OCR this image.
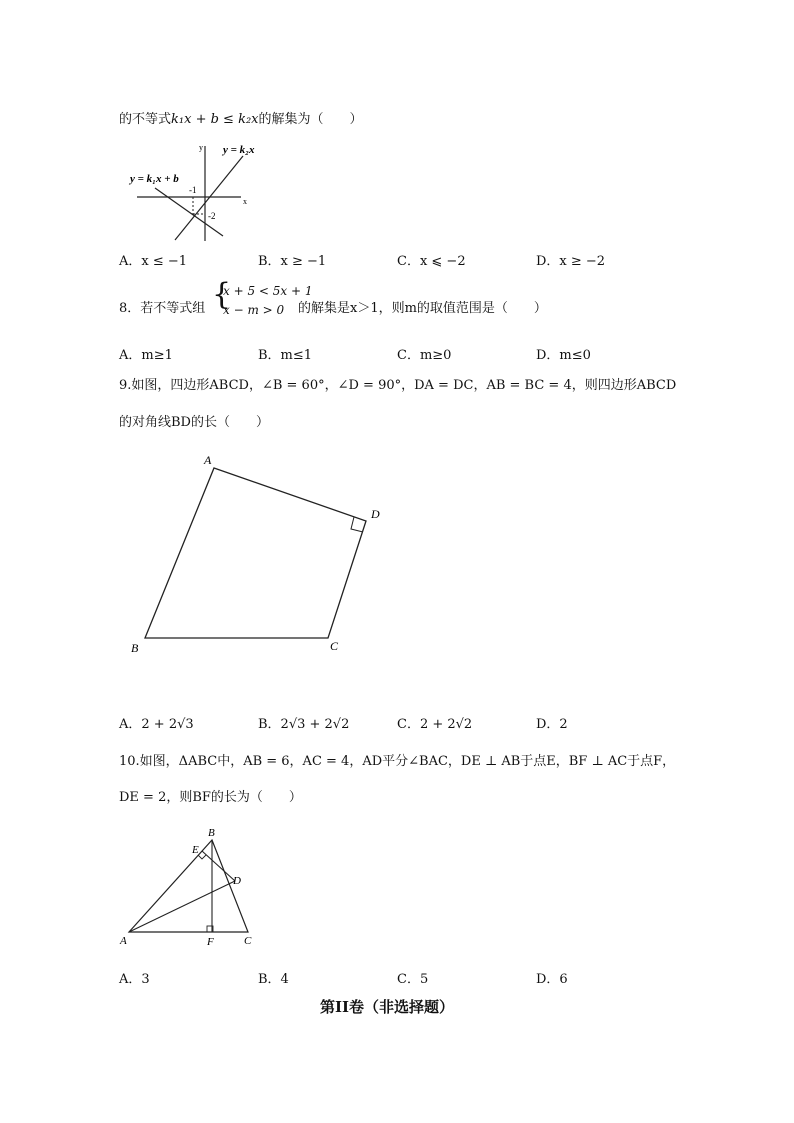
的不等式k₁x + b ≤ k₂x的解集为（　　）
x
y
-1
-2
y = k₁x + b
y = k₂x
A．x ≤ −1	B．x ≥ −1	C．x ⩽ −2	D．x ≥ −2
8．若不等式组 {
x + 5 < 5x + 1
x − m > 0 的解集是x＞1，则m的取值范围是（　　）
A．m≥1	B．m≤1	C．m≥0	D．m≤0
9.如图，四边形ABCD，∠B = 60°，∠D = 90°，DA = DC，AB = BC = 4，则四边形ABCD
的对角线BD的长（　　）
A
B	C
D
A．2 + 2√3	B．2√3 + 2√2	C．2 + 2√2	D．2
10.如图，ΔABC中，AB = 6，AC = 4，AD平分∠BAC，DE ⊥ AB于点E，BF ⊥ AC于点F，
DE = 2，则BF的长为（　　）
A
B
C
D
E
F
A．3	B．4	C．5	D．6
第II卷（非选择题）
